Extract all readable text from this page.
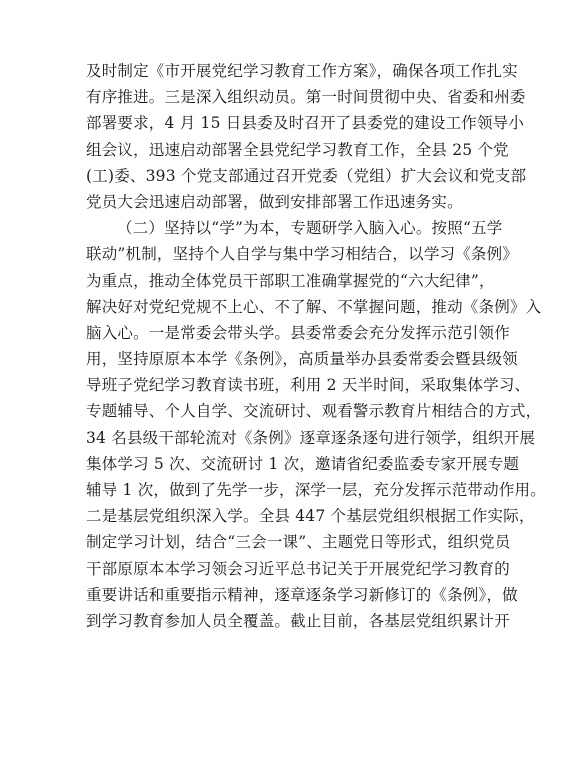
及时制定《市开展党纪学习教育工作方案》，确保各项工作扎实
有序推进。三是深入组织动员。第一时间贯彻中央、省委和州委
部署要求，4 月 15 日县委及时召开了县委党的建设工作领导小
组会议，迅速启动部署全县党纪学习教育工作，全县 25 个党
(工)委、393 个党支部通过召开党委（党组）扩大会议和党支部
党员大会迅速启动部署，做到安排部署工作迅速务实。
（二）坚持以“学”为本，专题研学入脑入心。按照“五学
联动”机制，坚持个人自学与集中学习相结合，以学习《条例》
为重点，推动全体党员干部职工准确掌握党的“六大纪律”，
解决好对党纪党规不上心、不了解、不掌握问题，推动《条例》入
脑入心。一是常委会带头学。县委常委会充分发挥示范引领作
用，坚持原原本本学《条例》，高质量举办县委常委会暨县级领
导班子党纪学习教育读书班，利用 2 天半时间，采取集体学习、
专题辅导、个人自学、交流研讨、观看警示教育片相结合的方式，
34 名县级干部轮流对《条例》逐章逐条逐句进行领学，组织开展
集体学习 5 次、交流研讨 1 次，邀请省纪委监委专家开展专题
辅导 1 次，做到了先学一步，深学一层，充分发挥示范带动作用。
二是基层党组织深入学。全县 447 个基层党组织根据工作实际，
制定学习计划，结合“三会一课”、主题党日等形式，组织党员
干部原原本本学习领会习近平总书记关于开展党纪学习教育的
重要讲话和重要指示精神，逐章逐条学习新修订的《条例》，做
到学习教育参加人员全覆盖。截止目前，各基层党组织累计开
